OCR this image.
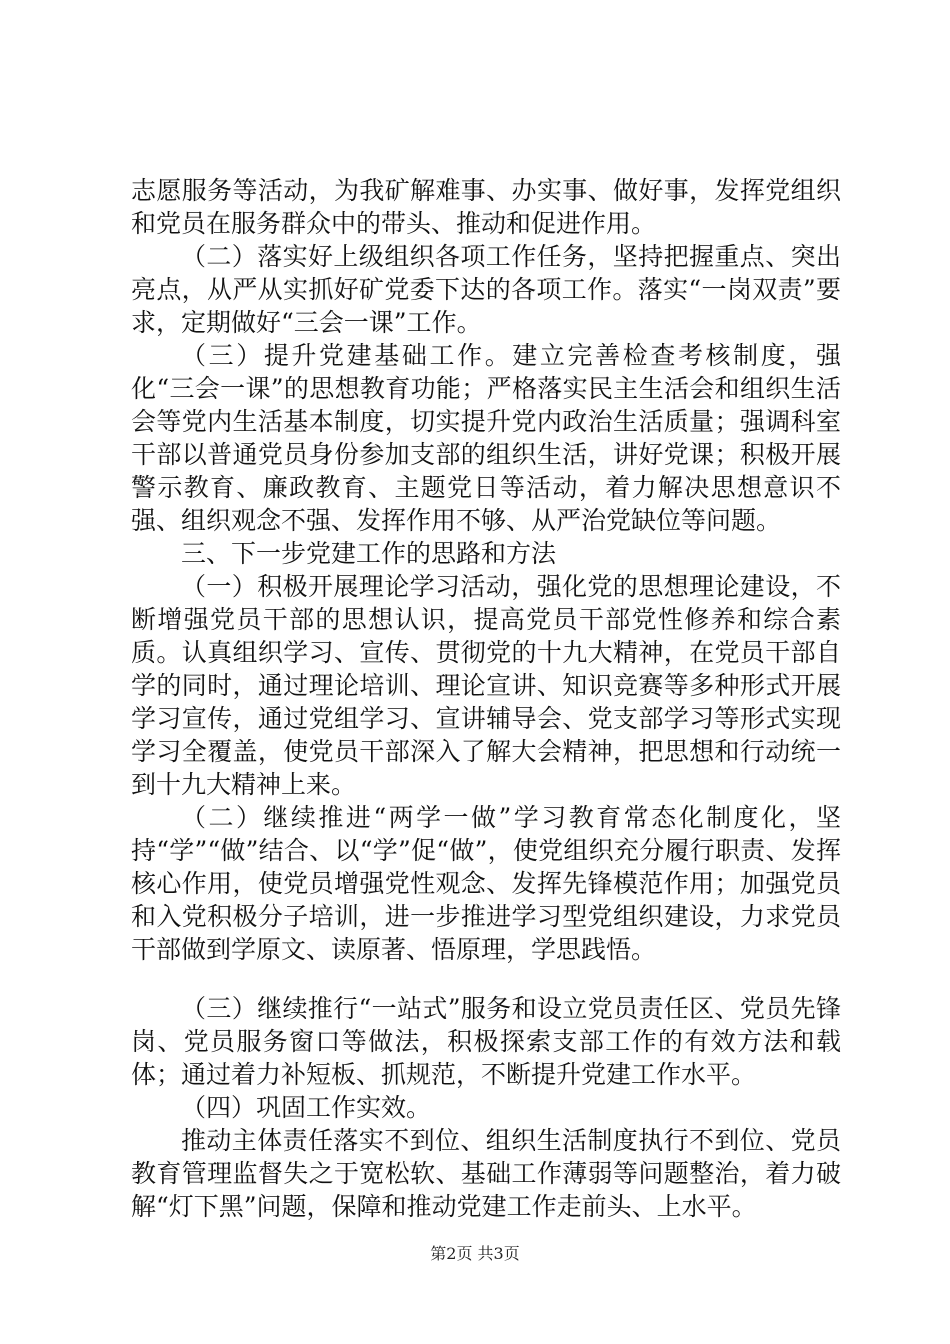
志愿服务等活动，为我矿解难事、办实事、做好事，发挥党组织和党员在服务群众中的带头、推动和促进作用。

（二）落实好上级组织各项工作任务，坚持把握重点、突出亮点，从严从实抓好矿党委下达的各项工作。落实“一岗双责”要求，定期做好“三会一课”工作。

（三）提升党建基础工作。建立完善检查考核制度，强化“三会一课”的思想教育功能；严格落实民主生活会和组织生活会等党内生活基本制度，切实提升党内政治生活质量；强调科室干部以普通党员身份参加支部的组织生活，讲好党课；积极开展警示教育、廉政教育、主题党日等活动，着力解决思想意识不强、组织观念不强、发挥作用不够、从严治党缺位等问题。

三、下一步党建工作的思路和方法

（一）积极开展理论学习活动，强化党的思想理论建设，不断增强党员干部的思想认识，提高党员干部党性修养和综合素质。认真组织学习、宣传、贯彻党的十九大精神，在党员干部自学的同时，通过理论培训、理论宣讲、知识竞赛等多种形式开展学习宣传，通过党组学习、宣讲辅导会、党支部学习等形式实现学习全覆盖，使党员干部深入了解大会精神，把思想和行动统一到十九大精神上来。

（二）继续推进“两学一做”学习教育常态化制度化，坚持“学”“做”结合、以“学”促“做”，使党组织充分履行职责、发挥核心作用，使党员增强党性观念、发挥先锋模范作用；加强党员和入党积极分子培训，进一步推进学习型党组织建设，力求党员干部做到学原文、读原著、悟原理，学思践悟。

（三）继续推行“一站式”服务和设立党员责任区、党员先锋岗、党员服务窗口等做法，积极探索支部工作的有效方法和载体；通过着力补短板、抓规范，不断提升党建工作水平。

（四）巩固工作实效。

推动主体责任落实不到位、组织生活制度执行不到位、党员教育管理监督失之于宽松软、基础工作薄弱等问题整治，着力破解“灯下黑”问题，保障和推动党建工作走前头、上水平。

第2页 共3页
